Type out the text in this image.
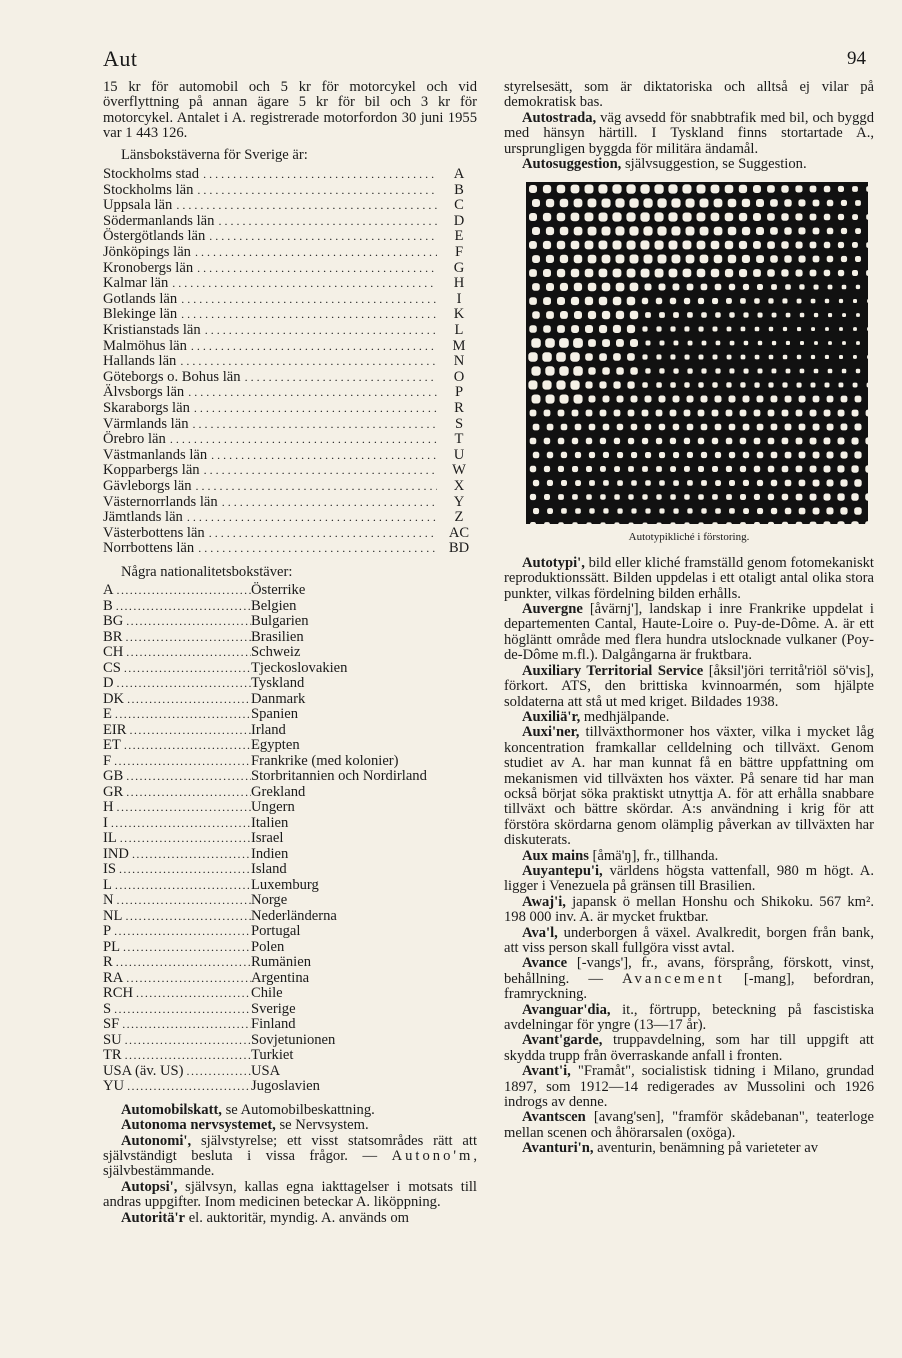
Aut	94

15 kr för automobil och 5 kr för motorcykel och vid överflyttning på annan ägare 5 kr för bil och 3 kr för motorcykel. Antalet i A. registrerade motorfordon 30 juni 1955 var 1 443 126.

Länsbokstäverna för Sverige är:

Stockholms stad . . .	A
Stockholms län . . .	B
Uppsala län . . .	C
Södermanlands län . . .	D
Östergötlands län . . .	E
Jönköpings län . . .	F
Kronobergs län . . .	G
Kalmar län . . .	H
Gotlands län . . .	I
Blekinge län . . .	K
Kristianstads län . . .	L
Malmöhus län . . .	M
Hallands län . . .	N
Göteborgs o. Bohus län . . .	O
Älvsborgs län . . .	P
Skaraborgs län . . .	R
Värmlands län . . .	S
Örebro län . . .	T
Västmanlands län . . .	U
Kopparbergs län . . .	W
Gävleborgs län . . .	X
Västernorrlands län . . .	Y
Jämtlands län . . .	Z
Västerbottens län . . .	AC
Norrbottens län . . .	BD

Några nationalitetsbokstäver:

A .....	Österrike
B .....	Belgien
BG .....	Bulgarien
BR .....	Brasilien
CH .....	Schweiz
CS .....	Tjeckoslovakien
D .....	Tyskland
DK .....	Danmark
E .....	Spanien
EIR .....	Irland
ET .....	Egypten
F .....	Frankrike (med kolonier)
GB .....	Storbritannien och Nordirland
GR .....	Grekland
H .....	Ungern
I .....	Italien
IL .....	Israel
IND .....	Indien
IS .....	Island
L .....	Luxemburg
N .....	Norge
NL .....	Nederländerna
P .....	Portugal
PL .....	Polen
R .....	Rumänien
RA .....	Argentina
RCH .....	Chile
S .....	Sverige
SF .....	Finland
SU .....	Sovjetunionen
TR .....	Turkiet
USA (äv. US) .....	USA
YU .....	Jugoslavien

Automobilskatt, se Automobilbeskattning.

Autonoma nervsystemet, se Nervsystem.

Autonomi', självstyrelse; ett visst statsområdes rätt att självständigt besluta i vissa frågor. — Autono'm, självbestämmande.

Autopsi', självsyn, kallas egna iakttagelser i motsats till andras uppgifter. Inom medicinen beteckar A. liköppning.

Autoritä'r el. auktoritär, myndig. A. används om

styrelsesätt, som är diktatoriska och alltså ej vilar på demokratisk bas.

Autostrada, väg avsedd för snabbtrafik med bil, och byggd med hänsyn härtill. I Tyskland finns stortartade A., ursprungligen byggda för militära ändamål.

Autosuggestion, självsuggestion, se Suggestion.

Autotypikliché i förstoring.

Autotypi', bild eller kliché framställd genom fotomekaniskt reproduktionssätt. Bilden uppdelas i ett otaligt antal olika stora punkter, vilkas fördelning bilden erhålls.

Auvergne [åvärnj'], landskap i inre Frankrike uppdelat i departementen Cantal, Haute-Loire o. Puy-de-Dôme. A. är ett högläntt område med flera hundra utslocknade vulkaner (Poy-de-Dôme m.fl.). Dalgångarna är fruktbara.

Auxiliary Territorial Service [åksil'jöri territå'riöl sö'vis], förkort. ATS, den brittiska kvinnoarmén, som hjälpte soldaterna att stå ut med kriget. Bildades 1938.

Auxiliä'r, medhjälpande.

Auxi'ner, tillväxthormoner hos växter, vilka i mycket låg koncentration framkallar celldelning och tillväxt. Genom studiet av A. har man kunnat få en bättre uppfattning om mekanismen vid tillväxten hos växter. På senare tid har man också börjat söka praktiskt utnyttja A. för att erhålla snabbare tillväxt och bättre skördar. A:s användning i krig för att förstöra skördarna genom olämplig påverkan av tillväxten har diskuterats.

Aux mains [åmä'ŋ], fr., tillhanda.

Auyantepu'i, världens högsta vattenfall, 980 m högt. A. ligger i Venezuela på gränsen till Brasilien.

Awaj'i, japansk ö mellan Honshu och Shikoku. 567 km². 198 000 inv. A. är mycket fruktbar.

Ava'l, underborgen å växel. Avalkredit, borgen från bank, att viss person skall fullgöra visst avtal.

Avance [-vangs'], fr., avans, försprång, förskott, vinst, behållning. — Avancement [-mang], befordran, framryckning.

Avanguar'dia, it., förtrupp, beteckning på fascistiska avdelningar för yngre (13—17 år).

Avant'garde, truppavdelning, som har till uppgift att skydda trupp från överraskande anfall i fronten.

Avant'i, "Framåt", socialistisk tidning i Milano, grundad 1897, som 1912—14 redigerades av Mussolini och 1926 indrogs av denne.

Avantscen [avang'sen], "framför skådebanan", teaterloge mellan scenen och åhörarsalen (oxöga).

Avanturi'n, aventurin, benämning på varieteter av
